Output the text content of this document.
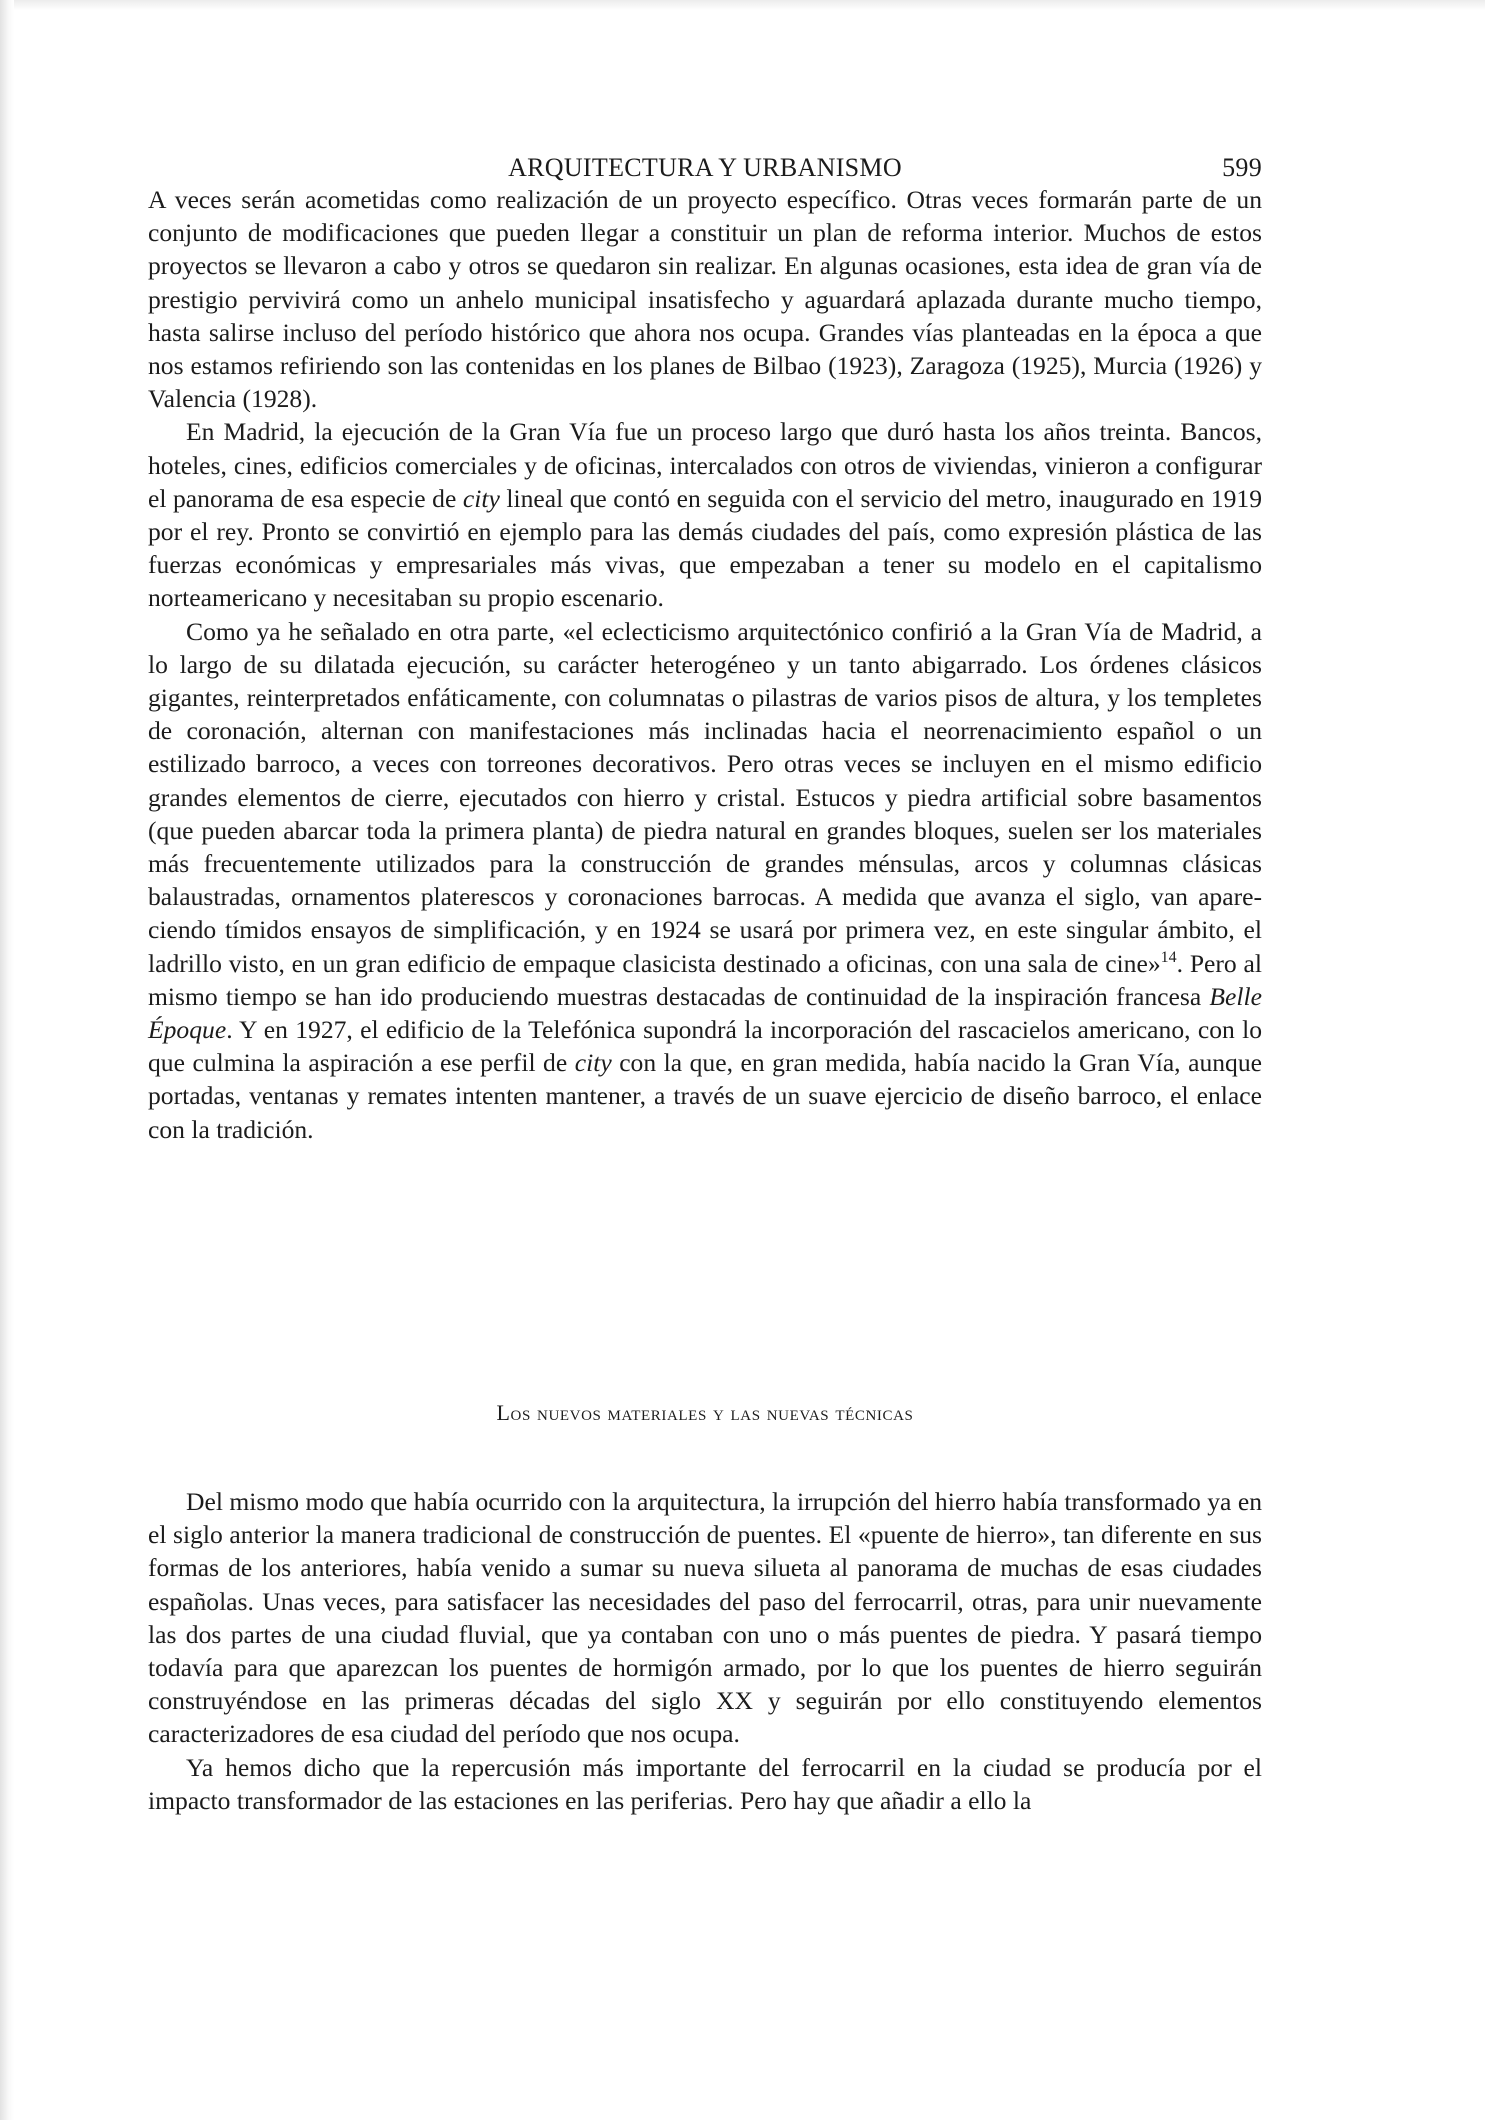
ARQUITECTURA Y URBANISMO	599

A veces serán acometidas como realización de un proyecto específico. Otras veces formarán parte de un conjunto de modificaciones que pueden llegar a constituir un plan de reforma interior. Muchos de estos proyectos se llevaron a cabo y otros se quedaron sin realizar. En algunas ocasiones, esta idea de gran vía de prestigio pervivirá como un anhelo municipal insatisfecho y aguardará aplazada durante mucho tiempo, hasta salirse incluso del período histórico que ahora nos ocupa. Grandes vías planteadas en la época a que nos estamos refiriendo son las contenidas en los planes de Bilbao (1923), Zaragoza (1925), Murcia (1926) y Valencia (1928).

En Madrid, la ejecución de la Gran Vía fue un proceso largo que duró hasta los años treinta. Bancos, hoteles, cines, edificios comerciales y de oficinas, intercalados con otros de viviendas, vinieron a configurar el panorama de esa especie de city lineal que contó en seguida con el servicio del metro, inaugurado en 1919 por el rey. Pronto se convirtió en ejemplo para las demás ciudades del país, como expresión plástica de las fuerzas económicas y empresariales más vivas, que empezaban a tener su modelo en el capitalismo norteamericano y necesitaban su propio escenario.

Como ya he señalado en otra parte, «el eclecticismo arquitectónico confirió a la Gran Vía de Madrid, a lo largo de su dilatada ejecución, su carácter heterogéneo y un tanto abigarrado. Los órdenes clásicos gigantes, reinterpretados enfáticamente, con columnatas o pilastras de varios pisos de altura, y los templetes de coronación, alternan con manifestaciones más inclinadas hacia el neorrenacimiento español o un estilizado barroco, a veces con torreones decorativos. Pero otras veces se incluyen en el mismo edificio grandes elementos de cierre, ejecutados con hierro y cristal. Estucos y piedra artificial sobre basamentos (que pueden abarcar toda la primera planta) de piedra natural en grandes bloques, suelen ser los materiales más frecuentemente utilizados para la construcción de grandes ménsulas, arcos y columnas clásicas balaustradas, ornamentos platerescos y coronaciones barrocas. A medida que avanza el siglo, van apareciendo tímidos ensayos de simplificación, y en 1924 se usará por primera vez, en este singular ámbito, el ladrillo visto, en un gran edificio de empaque clasicista destinado a oficinas, con una sala de cine»$^{14}$. Pero al mismo tiempo se han ido produciendo muestras destacadas de continuidad de la inspiración francesa Belle Époque. Y en 1927, el edificio de la Telefónica supondrá la incorporación del rascacielos americano, con lo que culmina la aspiración a ese perfil de city con la que, en gran medida, había nacido la Gran Vía, aunque portadas, ventanas y remates intenten mantener, a través de un suave ejercicio de diseño barroco, el enlace con la tradición.

Los nuevos materiales y las nuevas técnicas

Del mismo modo que había ocurrido con la arquitectura, la irrupción del hierro había transformado ya en el siglo anterior la manera tradicional de construcción de puentes. El «puente de hierro», tan diferente en sus formas de los anteriores, había venido a sumar su nueva silueta al panorama de muchas de esas ciudades españolas. Unas veces, para satisfacer las necesidades del paso del ferrocarril, otras, para unir nuevamente las dos partes de una ciudad fluvial, que ya contaban con uno o más puentes de piedra. Y pasará tiempo todavía para que aparezcan los puentes de hormigón armado, por lo que los puentes de hierro seguirán construyéndose en las primeras décadas del siglo XX y seguirán por ello constituyendo elementos caracterizadores de esa ciudad del período que nos ocupa.

Ya hemos dicho que la repercusión más importante del ferrocarril en la ciudad se producía por el impacto transformador de las estaciones en las periferias. Pero hay que añadir a ello la
